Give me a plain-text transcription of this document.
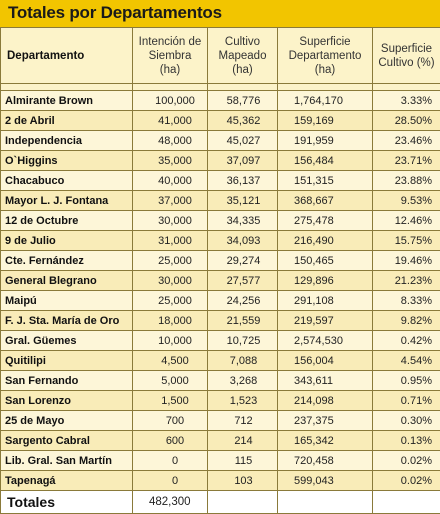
Totales por Departamentos
Departamento	Intención de Siembra (ha)	Cultivo Mapeado (ha)	Superficie Departamento (ha)	Superficie Cultivo (%)

Almirante Brown	100,000	58,776	1,764,170	3.33%
2 de Abril	41,000	45,362	159,169	28.50%
Independencia	48,000	45,027	191,959	23.46%
O`Higgins	35,000	37,097	156,484	23.71%
Chacabuco	40,000	36,137	151,315	23.88%
Mayor L. J. Fontana	37,000	35,121	368,667	9.53%
12 de Octubre	30,000	34,335	275,478	12.46%
9 de Julio	31,000	34,093	216,490	15.75%
Cte. Fernández	25,000	29,274	150,465	19.46%
General Blegrano	30,000	27,577	129,896	21.23%
Maipú	25,000	24,256	291,108	8.33%
F. J. Sta. María de Oro	18,000	21,559	219,597	9.82%
Gral. Güemes	10,000	10,725	2,574,530	0.42%
Quitilipi	4,500	7,088	156,004	4.54%
San Fernando	5,000	3,268	343,611	0.95%
San Lorenzo	1,500	1,523	214,098	0.71%
25 de Mayo	700	712	237,375	0.30%
Sargento Cabral	600	214	165,342	0.13%
Lib. Gral. San Martín	0	115	720,458	0.02%
Tapenagá	0	103	599,043	0.02%
Totales	482,300			
